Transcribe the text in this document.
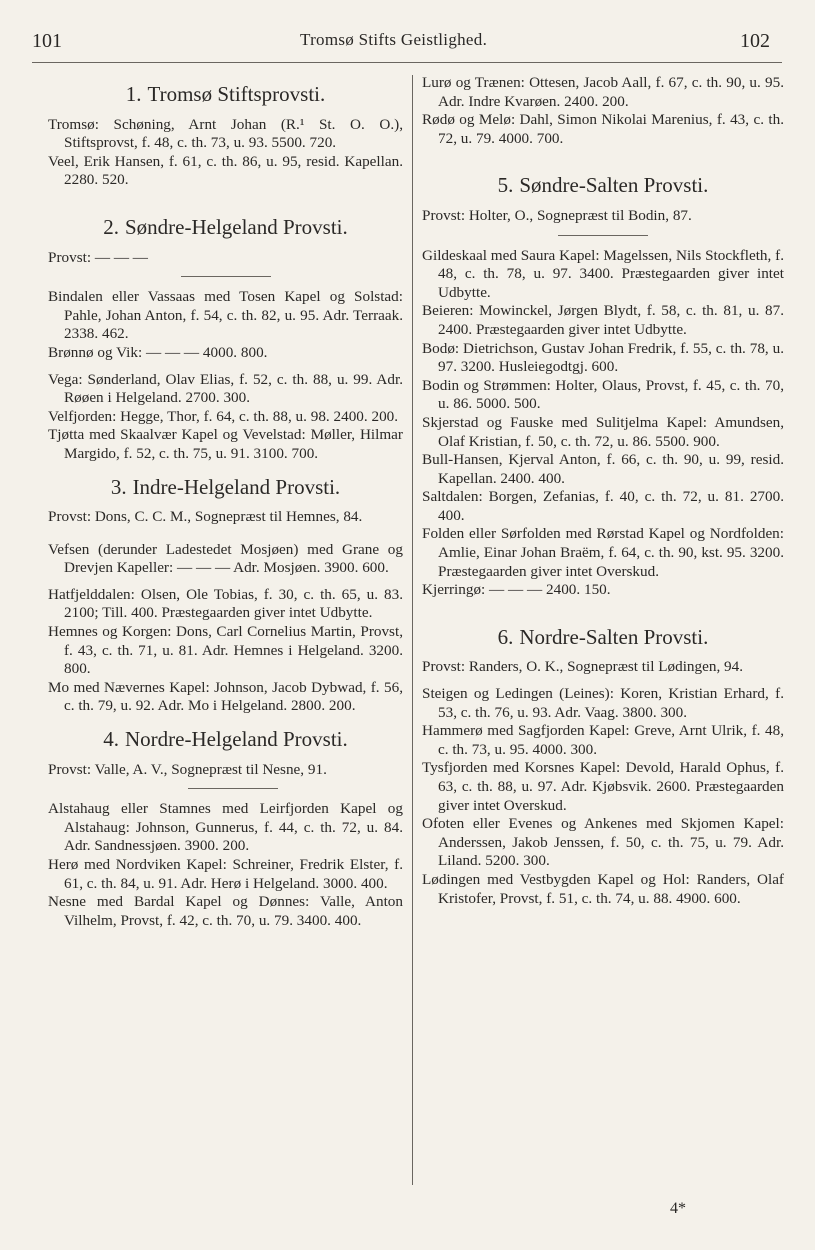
101	Tromsø Stifts Geistlighed.	102
1. Tromsø Stiftsprovsti.

Tromsø: Schøning, Arnt Johan (R.¹ St. O. O.), Stiftsprovst, f. 48, c. th. 73, u. 93. 5500. 720.

Veel, Erik Hansen, f. 61, c. th. 86, u. 95, resid. Kapellan. 2280. 520.

2. Søndre-Helgeland Provsti.

Provst: — — —

Bindalen eller Vassaas med Tosen Kapel og Solstad: Pahle, Johan Anton, f. 54, c. th. 82, u. 95. Adr. Terraak. 2338. 462.

Brønnø og Vik: — — — 4000. 800.

Vega: Sønderland, Olav Elias, f. 52, c. th. 88, u. 99. Adr. Røøen i Helgeland. 2700. 300.

Velfjorden: Hegge, Thor, f. 64, c. th. 88, u. 98. 2400. 200.

Tjøtta med Skaalvær Kapel og Vevelstad: Møller, Hilmar Margido, f. 52, c. th. 75, u. 91. 3100. 700.

3. Indre-Helgeland Provsti.

Provst: Dons, C. C. M., Sognepræst til Hemnes, 84.

Vefsen (derunder Ladestedet Mosjøen) med Grane og Drevjen Kapeller: — — — Adr. Mosjøen. 3900. 600.

Hatfjelddalen: Olsen, Ole Tobias, f. 30, c. th. 65, u. 83. 2100; Till. 400. Præstegaarden giver intet Udbytte.

Hemnes og Korgen: Dons, Carl Cornelius Martin, Provst, f. 43, c. th. 71, u. 81. Adr. Hemnes i Helgeland. 3200. 800.

Mo med Nævernes Kapel: Johnson, Jacob Dybwad, f. 56, c. th. 79, u. 92. Adr. Mo i Helgeland. 2800. 200.

4. Nordre-Helgeland Provsti.

Provst: Valle, A. V., Sognepræst til Nesne, 91.

Alstahaug eller Stamnes med Leirfjorden Kapel og Alstahaug: Johnson, Gunnerus, f. 44, c. th. 72, u. 84. Adr. Sandnessjøen. 3900. 200.

Herø med Nordviken Kapel: Schreiner, Fredrik Elster, f. 61, c. th. 84, u. 91. Adr. Herø i Helgeland. 3000. 400.

Nesne med Bardal Kapel og Dønnes: Valle, Anton Vilhelm, Provst, f. 42, c. th. 70, u. 79. 3400. 400.

Lurø og Trænen: Ottesen, Jacob Aall, f. 67, c. th. 90, u. 95. Adr. Indre Kvarøen. 2400. 200.

Rødø og Melø: Dahl, Simon Nikolai Marenius, f. 43, c. th. 72, u. 79. 4000. 700.

5. Søndre-Salten Provsti.

Provst: Holter, O., Sognepræst til Bodin, 87.

Gildeskaal med Saura Kapel: Magelssen, Nils Stockfleth, f. 48, c. th. 78, u. 97. 3400. Præstegaarden giver intet Udbytte.

Beieren: Mowinckel, Jørgen Blydt, f. 58, c. th. 81, u. 87. 2400. Præstegaarden giver intet Udbytte.

Bodø: Dietrichson, Gustav Johan Fredrik, f. 55, c. th. 78, u. 97. 3200. Husleiegodtgj. 600.

Bodin og Strømmen: Holter, Olaus, Provst, f. 45, c. th. 70, u. 86. 5000. 500.

Skjerstad og Fauske med Sulitjelma Kapel: Amundsen, Olaf Kristian, f. 50, c. th. 72, u. 86. 5500. 900.

Bull-Hansen, Kjerval Anton, f. 66, c. th. 90, u. 99, resid. Kapellan. 2400. 400.

Saltdalen: Borgen, Zefanias, f. 40, c. th. 72, u. 81. 2700. 400.

Folden eller Sørfolden med Rørstad Kapel og Nordfolden: Amlie, Einar Johan Braëm, f. 64, c. th. 90, kst. 95. 3200. Præstegaarden giver intet Overskud.

Kjerringø: — — — 2400. 150.

6. Nordre-Salten Provsti.

Provst: Randers, O. K., Sognepræst til Lødingen, 94.

Steigen og Ledingen (Leines): Koren, Kristian Erhard, f. 53, c. th. 76, u. 93. Adr. Vaag. 3800. 300.

Hammerø med Sagfjorden Kapel: Greve, Arnt Ulrik, f. 48, c. th. 73, u. 95. 4000. 300.

Tysfjorden med Korsnes Kapel: Devold, Harald Ophus, f. 63, c. th. 88, u. 97. Adr. Kjøbsvik. 2600. Præstegaarden giver intet Overskud.

Ofoten eller Evenes og Ankenes med Skjomen Kapel: Anderssen, Jakob Jenssen, f. 50, c. th. 75, u. 79. Adr. Liland. 5200. 300.

Lødingen med Vestbygden Kapel og Hol: Randers, Olaf Kristofer, Provst, f. 51, c. th. 74, u. 88. 4900. 600.

4*
